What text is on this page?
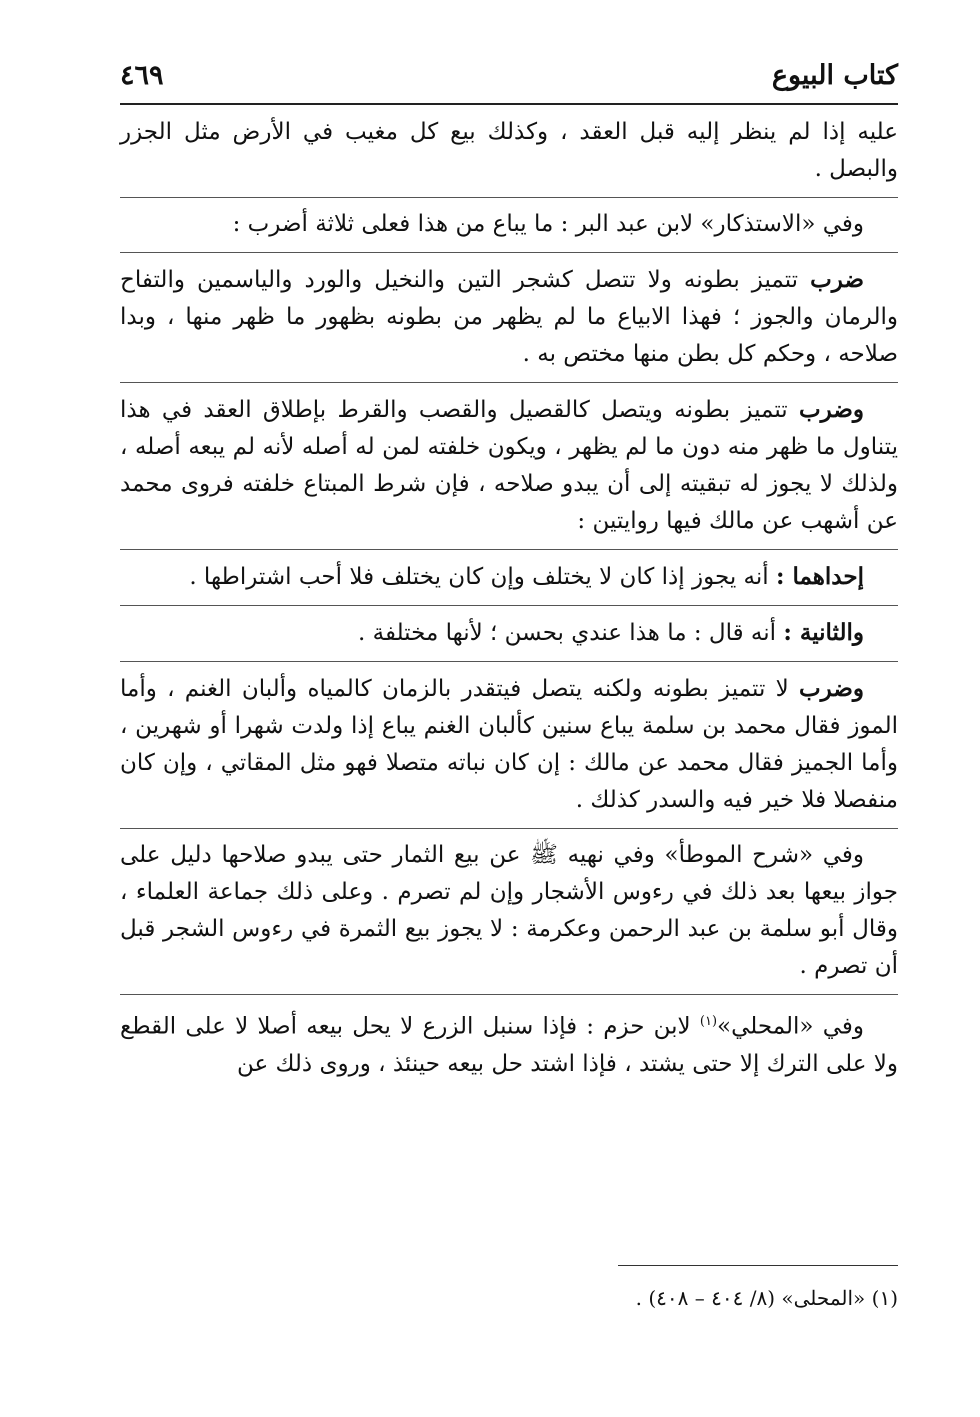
كتاب البيوع
٤٦٩

عليه إذا لم ينظر إليه قبل العقد ، وكذلك بيع كل مغيب في الأرض مثل الجزر والبصل .

وفي «الاستذكار» لابن عبد البر : ما يباع من هذا فعلى ثلاثة أضرب :

ضرب تتميز بطونه ولا تتصل كشجر التين والنخيل والورد والياسمين والتفاح والرمان والجوز ؛ فهذا الابياع ما لم يظهر من بطونه بظهور ما ظهر منها ، وبدا صلاحه ، وحكم كل بطن منها مختص به .

وضرب تتميز بطونه ويتصل كالقصيل والقصب والقرط بإطلاق العقد في هذا يتناول ما ظهر منه دون ما لم يظهر ، ويكون خلفته لمن له أصله لأنه لم يبعه أصله ، ولذلك لا يجوز له تبقيته إلى أن يبدو صلاحه ، فإن شرط المبتاع خلفته فروى محمد عن أشهب عن مالك فيها روايتين :

إحداهما : أنه يجوز إذا كان لا يختلف وإن كان يختلف فلا أحب اشتراطها .

والثانية : أنه قال : ما هذا عندي بحسن ؛ لأنها مختلفة .

وضرب لا تتميز بطونه ولكنه يتصل فيتقدر بالزمان كالمياه وألبان الغنم ، وأما الموز فقال محمد بن سلمة يباع سنين كألبان الغنم يباع إذا ولدت شهرا أو شهرين ، وأما الجميز فقال محمد عن مالك : إن كان نباته متصلا فهو مثل المقاتي ، وإن كان منفصلا فلا خير فيه والسدر كذلك .

وفي «شرح الموطأ» وفي نهيه ﷺ عن بيع الثمار حتى يبدو صلاحها دليل على جواز بيعها بعد ذلك في رءوس الأشجار وإن لم تصرم . وعلى ذلك جماعة العلماء ، وقال أبو سلمة بن عبد الرحمن وعكرمة : لا يجوز بيع الثمرة في رءوس الشجر قبل أن تصرم .

وفي «المحلي»$^{(١)}$ لابن حزم : فإذا سنبل الزرع لا يحل بيعه أصلا لا على القطع ولا على الترك إلا حتى يشتد ، فإذا اشتد حل بيعه حينئذ ، وروى ذلك عن

(١) «المحلى» (٨/ ٤٠٤ – ٤٠٨) .
